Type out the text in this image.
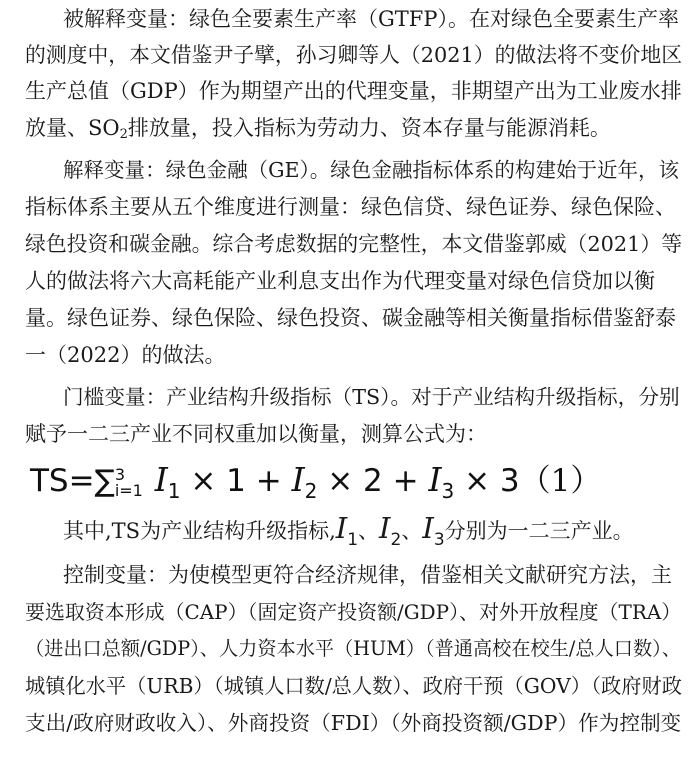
被解释变量：绿色全要素生产率（GTFP）。在对绿色全要素生产率
的测度中，本文借鉴尹子擘，孙习卿等人（2021）的做法将不变价地区
生产总值（GDP）作为期望产出的代理变量，非期望产出为工业废水排
放量、$SO_2$排放量，投入指标为劳动力、资本存量与能源消耗。
解释变量：绿色金融（GE）。绿色金融指标体系的构建始于近年，该
指标体系主要从五个维度进行测量：绿色信贷、绿色证券、绿色保险、
绿色投资和碳金融。综合考虑数据的完整性，本文借鉴郭威（2021）等
人的做法将六大高耗能产业利息支出作为代理变量对绿色信贷加以衡
量。绿色证券、绿色保险、绿色投资、碳金融等相关衡量指标借鉴舒泰
一（2022）的做法。
门槛变量：产业结构升级指标（TS）。对于产业结构升级指标，分别
赋予一二三产业不同权重加以衡量，测算公式为：
TS=∑ 3
i=1 $I_1 \times 1 + I_2 \times 2 + I_3 \times 3(1)$
其中,TS为产业结构升级指标$,I_1$、$I_2$、$I_3$分别为一二三产业。
控制变量：为使模型更符合经济规律，借鉴相关文献研究方法，主
要选取资本形成（CAP）（固定资产投资额/GDP）、对外开放程度（TRA）
（进出口总额/GDP）、人力资本水平（HUM）（普通高校在校生/总人口数）、
城镇化水平（URB）（城镇人口数/总人数）、政府干预（GOV）（政府财政
支出/政府财政收入）、外商投资（FDI）（外商投资额/GDP）作为控制变
